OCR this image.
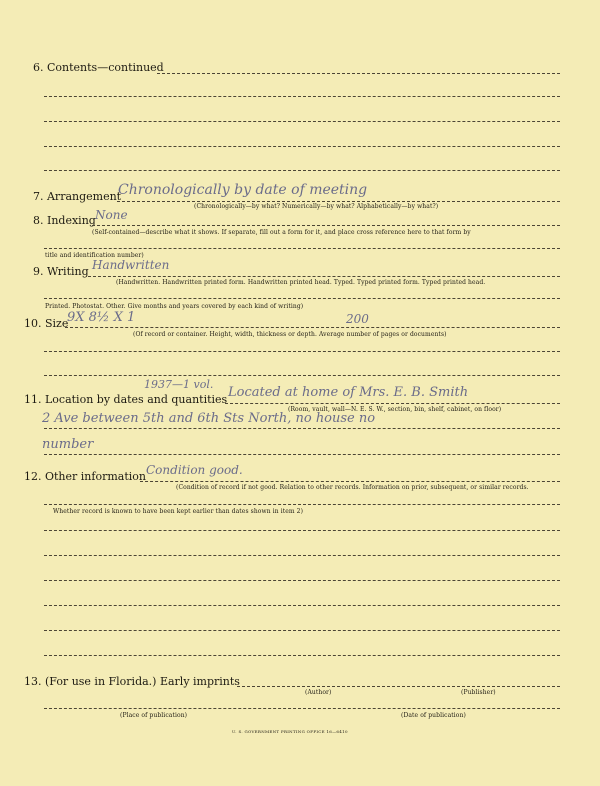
6. Contents—continued
7. Arrangement
Chronologically by date of meeting
(Chronologically—by what? Numerically—by what? Alphabetically—by what?)
8. Indexing None
(Self-contained—describe what it shows. If separate, fill out a form for it, and place cross reference here to that form by
title and identification number)
9. Writing Handwritten
(Handwritten. Handwritten printed form. Handwritten printed head. Typed. Typed printed form. Typed printed head.
Printed. Photostat. Other. Give months and years covered by each kind of writing)
10. Size
9X 8½ X 1	200
(Of record or container. Height, width, thickness or depth. Average number of pages or documents)
11. Location by dates and quantities
1937—1 vol.
Located at home of Mrs. E. B. Smith
(Room, vault, wall—N. E. S. W., section, bin, shelf, cabinet, on floor)
2 Ave between 5th and 6th Sts North, no house no
number
12. Other information Condition good.
(Condition of record if not good. Relation to other records. Information on prior, subsequent, or similar records.
Whether record is known to have been kept earlier than dates shown in item 2)
13. (For use in Florida.) Early imprints
(Author)	(Publisher)
(Place of publication)	(Date of publication)
U. S. GOVERNMENT PRINTING OFFICE 16—6410
